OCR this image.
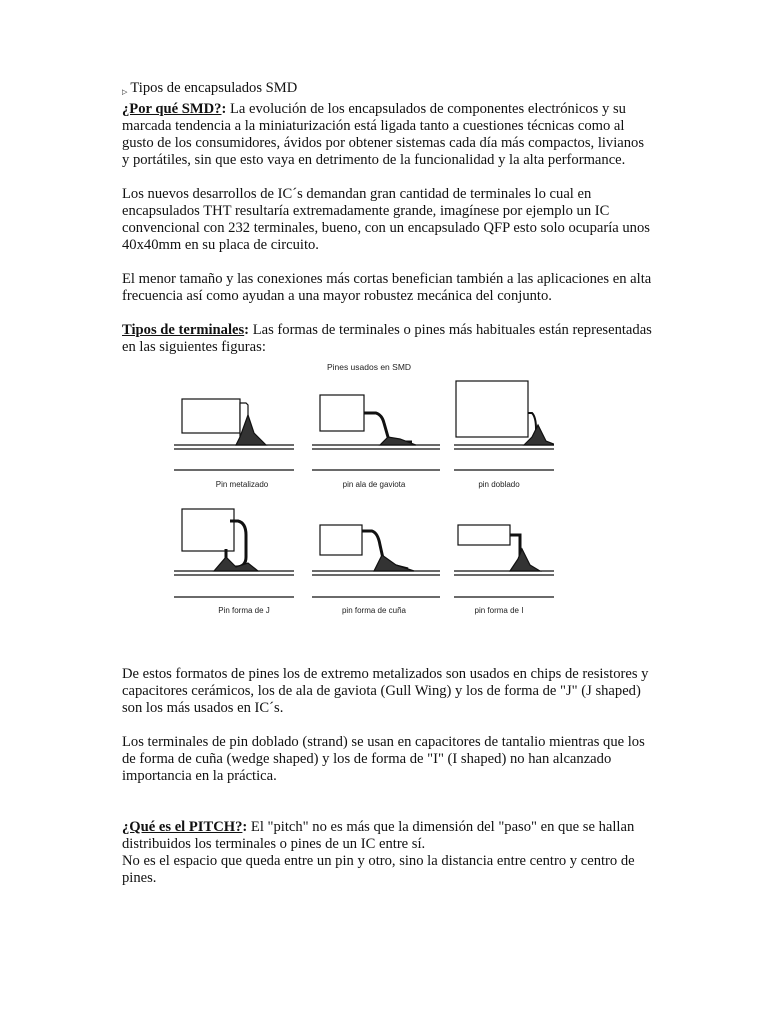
▷ Tipos de encapsulados SMD

¿Por qué SMD?: La evolución de los encapsulados de componentes electrónicos y su marcada tendencia a la miniaturización está ligada tanto a cuestiones técnicas como al gusto de los consumidores, ávidos por obtener sistemas cada día más compactos, livianos y portátiles, sin que esto vaya en detrimento de la funcionalidad y la alta performance.

Los nuevos desarrollos de IC´s demandan gran cantidad de terminales lo cual en encapsulados THT resultaría extremadamente grande, imagínese por ejemplo un IC convencional con 232 terminales, bueno, con un encapsulado QFP esto solo ocuparía unos 40x40mm en su placa de circuito.

El menor tamaño y las conexiones más cortas benefician también a las aplicaciones en alta frecuencia así como ayudan a una mayor robustez mecánica del conjunto.

Tipos de terminales: Las formas de terminales o pines más habituales están representadas en las siguientes figuras:

Pines usados en SMD
Pin metalizado	pin ala de gaviota	pin doblado
Pin forma de J	pin forma de cuña	pin forma de I

De estos formatos de pines los de extremo metalizados son usados en chips de resistores y capacitores cerámicos, los de ala de gaviota (Gull Wing) y los de forma de "J" (J shaped) son los más usados en IC´s.

Los terminales de pin doblado (strand) se usan en capacitores de tantalio mientras que los de forma de cuña (wedge shaped) y los de forma de "I" (I shaped) no han alcanzado importancia en la práctica.

¿Qué es el PITCH?: El "pitch" no es más que la dimensión del "paso" en que se hallan distribuidos los terminales o pines de un IC entre sí.

No es el espacio que queda entre un pin y otro, sino la distancia entre centro y centro de pines.
